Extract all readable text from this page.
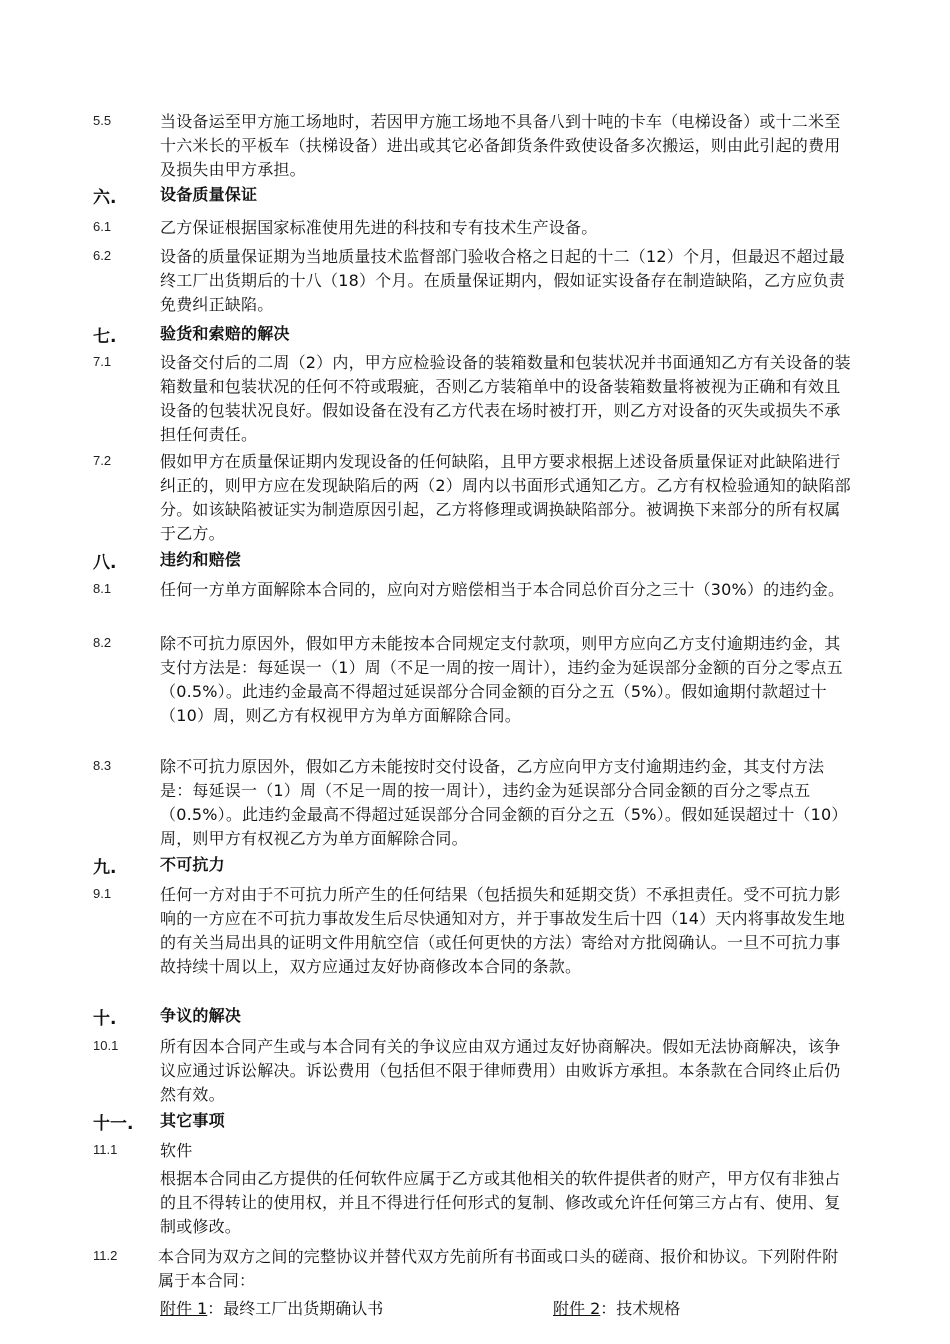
5.5	当设备运至甲方施工场地时，若因甲方施工场地不具备八到十吨的卡车（电梯设备）或十二米至十六米长的平板车（扶梯设备）进出或其它必备卸货条件致使设备多次搬运，则由此引起的费用及损失由甲方承担。
六.	设备质量保证
6.1	乙方保证根据国家标准使用先进的科技和专有技术生产设备。
6.2	设备的质量保证期为当地质量技术监督部门验收合格之日起的十二（12）个月，但最迟不超过最终工厂出货期后的十八（18）个月。在质量保证期内，假如证实设备存在制造缺陷，乙方应负责免费纠正缺陷。
七.	验货和索赔的解决
7.1	设备交付后的二周（2）内，甲方应检验设备的装箱数量和包装状况并书面通知乙方有关设备的装箱数量和包装状况的任何不符或瑕疵，否则乙方装箱单中的设备装箱数量将被视为正确和有效且设备的包装状况良好。假如设备在没有乙方代表在场时被打开，则乙方对设备的灭失或损失不承担任何责任。
7.2	假如甲方在质量保证期内发现设备的任何缺陷，且甲方要求根据上述设备质量保证对此缺陷进行纠正的，则甲方应在发现缺陷后的两（2）周内以书面形式通知乙方。乙方有权检验通知的缺陷部分。如该缺陷被证实为制造原因引起，乙方将修理或调换缺陷部分。被调换下来部分的所有权属于乙方。
八.	违约和赔偿
8.1	任何一方单方面解除本合同的，应向对方赔偿相当于本合同总价百分之三十（30%）的违约金。
8.2	除不可抗力原因外，假如甲方未能按本合同规定支付款项，则甲方应向乙方支付逾期违约金，其支付方法是：每延误一（1）周（不足一周的按一周计），违约金为延误部分金额的百分之零点五（0.5%）。此违约金最高不得超过延误部分合同金额的百分之五（5%）。假如逾期付款超过十（10）周，则乙方有权视甲方为单方面解除合同。
8.3	除不可抗力原因外，假如乙方未能按时交付设备，乙方应向甲方支付逾期违约金，其支付方法是：每延误一（1）周（不足一周的按一周计），违约金为延误部分合同金额的百分之零点五（0.5%）。此违约金最高不得超过延误部分合同金额的百分之五（5%）。假如延误超过十（10）周，则甲方有权视乙方为单方面解除合同。
九.	不可抗力
9.1	任何一方对由于不可抗力所产生的任何结果（包括损失和延期交货）不承担责任。受不可抗力影响的一方应在不可抗力事故发生后尽快通知对方，并于事故发生后十四（14）天内将事故发生地的有关当局出具的证明文件用航空信（或任何更快的方法）寄给对方批阅确认。一旦不可抗力事故持续十周以上，双方应通过友好协商修改本合同的条款。
十.	争议的解决
10.1	所有因本合同产生或与本合同有关的争议应由双方通过友好协商解决。假如无法协商解决，该争议应通过诉讼解决。诉讼费用（包括但不限于律师费用）由败诉方承担。本条款在合同终止后仍然有效。
十一. 其它事项
11.1	软件
根据本合同由乙方提供的任何软件应属于乙方或其他相关的软件提供者的财产，甲方仅有非独占的且不得转让的使用权，并且不得进行任何形式的复制、修改或允许任何第三方占有、使用、复制或修改。
11.2	本合同为双方之间的完整协议并替代双方先前所有书面或口头的磋商、报价和协议。下列附件附属于本合同：
附件 1：最终工厂出货期确认书	附件 2：技术规格
